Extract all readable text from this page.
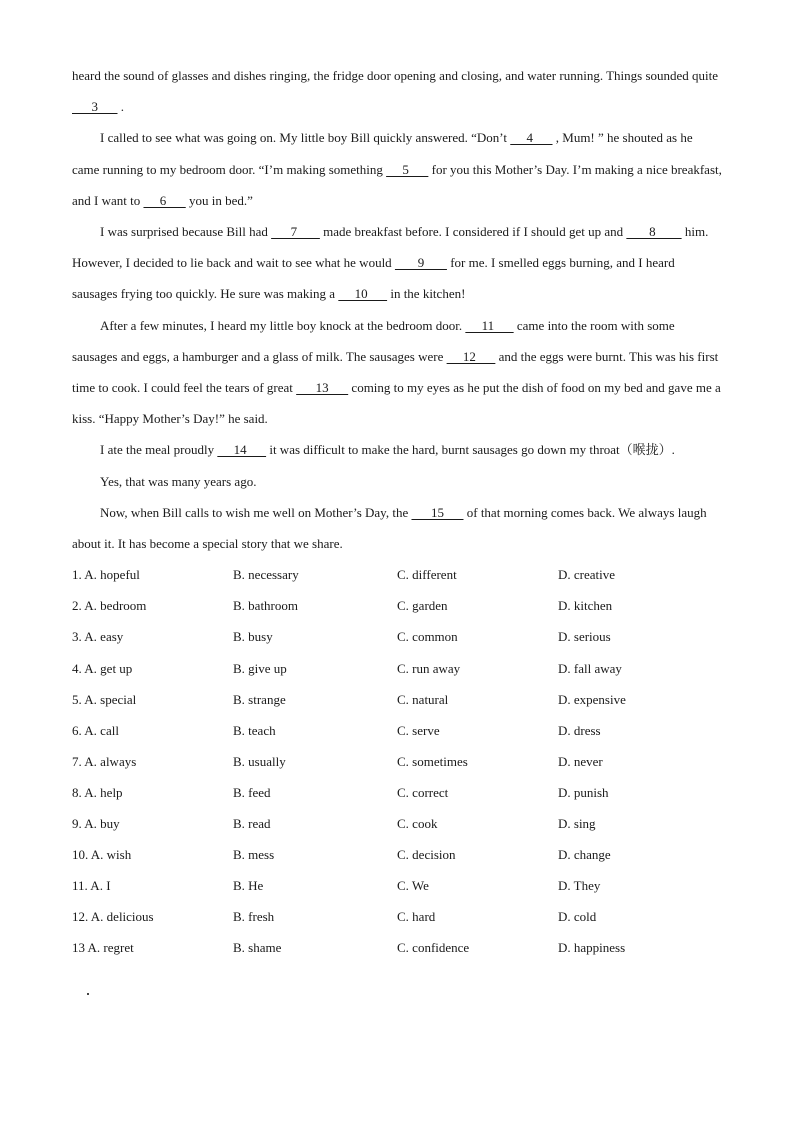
heard the sound of glasses and dishes ringing, the fridge door opening and closing, and water running. Things sounded quite       3       .

I called to see what was going on. My little boy Bill quickly answered. “Don’t      4       , Mum! ” he shouted as he came running to my bedroom door. “I’m making something      5       for you this Mother’s Day. I’m making a nice breakfast, and I want to      6       you in bed.”

I was surprised because Bill had       7        made breakfast before. I considered if I should get up and        8         him. However, I decided to lie back and wait to see what he would        9        for me. I smelled eggs burning, and I heard sausages frying too quickly. He sure was making a      10       in the kitchen!

After a few minutes, I heard my little boy knock at the bedroom door.      11       came into the room with some sausages and eggs, a hamburger and a glass of milk. The sausages were      12       and the eggs were burnt. This was his first time to cook. I could feel the tears of great       13       coming to my eyes as he put the dish of food on my bed and gave me a kiss. “Happy Mother’s Day!” he said.

I ate the meal proudly      14       it was difficult to make the hard, burnt sausages go down my throat（喉拢）.

Yes, that was many years ago.

Now, when Bill calls to wish me well on Mother’s Day, the       15       of that morning comes back. We always laugh about it. It has become a special story that we share.

1. A. hopeful	B. necessary	C. different	D. creative
2. A. bedroom	B. bathroom	C. garden	D. kitchen
3. A. easy	B. busy	C. common	D. serious
4. A. get up	B. give up	C. run away	D. fall away
5. A. special	B. strange	C. natural	D. expensive
6. A. call	B. teach	C. serve	D. dress
7. A. always	B. usually	C. sometimes	D. never
8. A. help	B. feed	C. correct	D. punish
9. A. buy	B. read	C. cook	D. sing
10. A. wish	B. mess	C. decision	D. change
11. A. I	B. He	C. We	D. They
12. A. delicious	B. fresh	C. hard	D. cold
13 A. regret	B. shame	C. confidence	D. happiness
